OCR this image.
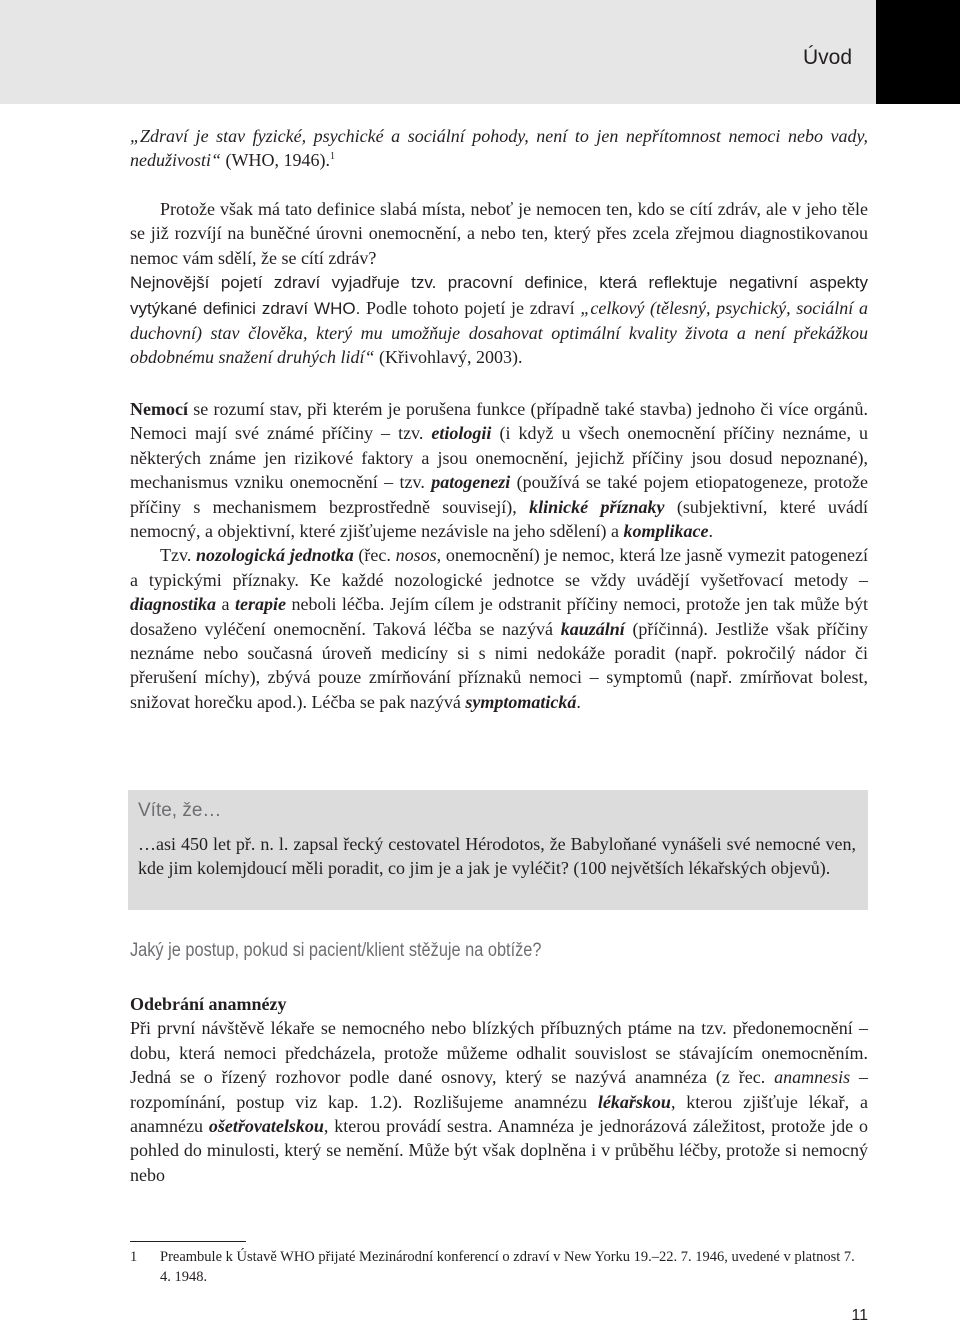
Úvod

„Zdraví je stav fyzické, psychické a sociální pohody, není to jen nepřítomnost nemoci nebo vady, neduživosti“ (WHO, 1946).$^1$

Protože však má tato definice slabá místa, neboť je nemocen ten, kdo se cítí zdráv, ale v jeho těle se již rozvíjí na buněčné úrovni onemocnění, a nebo ten, který přes zcela zřejmou diagnostikovanou nemoc vám sdělí, že se cítí zdráv?

Nejnovější pojetí zdraví vyjadřuje tzv. pracovní definice, která reflektuje negativní aspekty vytýkané definici zdraví WHO. Podle tohoto pojetí je zdraví „celkový (tělesný, psychický, sociální a duchovní) stav člověka, který mu umožňuje dosahovat optimální kvality života a není překážkou obdobnému snažení druhých lidí“ (Křivohlavý, 2003).

Nemocí se rozumí stav, při kterém je porušena funkce (případně také stavba) jednoho či více orgánů. Nemoci mají své známé příčiny – tzv. etiologii (i když u všech onemocnění příčiny neznáme, u některých známe jen rizikové faktory a jsou onemocnění, jejichž příčiny jsou dosud nepoznané), mechanismus vzniku onemocnění – tzv. patogenezi (používá se také pojem etiopatogeneze, protože příčiny s mechanismem bezprostředně souvisejí), klinické příznaky (subjektivní, které uvádí nemocný, a objektivní, které zjišťujeme nezávisle na jeho sdělení) a komplikace.

Tzv. nozologická jednotka (řec. nosos, onemocnění) je nemoc, která lze jasně vymezit patogenezí a typickými příznaky. Ke každé nozologické jednotce se vždy uvádějí vyšetřovací metody – diagnostika a terapie neboli léčba. Jejím cílem je odstranit příčiny nemoci, protože jen tak může být dosaženo vyléčení onemocnění. Taková léčba se nazývá kauzální (příčinná). Jestliže však příčiny neznáme nebo současná úroveň medicíny si s nimi nedokáže poradit (např. pokročilý nádor či přerušení míchy), zbývá pouze zmírňování příznaků nemoci – symptomů (např. zmírňovat bolest, snižovat horečku apod.). Léčba se pak nazývá symptomatická.

Víte, že…
…asi 450 let př. n. l. zapsal řecký cestovatel Hérodotos, že Babyloňané vynášeli své nemocné ven, kde jim kolemjdoucí měli poradit, co jim je a jak je vyléčit? (100 největších lékařských objevů).
Jaký je postup, pokud si pacient/klient stěžuje na obtíže?

Odebrání anamnézy

Při první návštěvě lékaře se nemocného nebo blízkých příbuzných ptáme na tzv. předonemocnění – dobu, která nemoci předcházela, protože můžeme odhalit souvislost se stávajícím onemocněním. Jedná se o řízený rozhovor podle dané osnovy, který se nazývá anamnéza (z řec. anamnesis – rozpomínání, postup viz kap. 1.2). Rozlišujeme anamnézu lékařskou, kterou zjišťuje lékař, a anamnézu ošetřovatelskou, kterou provádí sestra. Anamnéza je jednorázová záležitost, protože jde o pohled do minulosti, který se nemění. Může být však doplněna i v průběhu léčby, protože si nemocný nebo

1 Preambule k Ústavě WHO přijaté Mezinárodní konferencí o zdraví v New Yorku 19.–22. 7. 1946, uvedené v platnost 7. 4. 1948.
11
